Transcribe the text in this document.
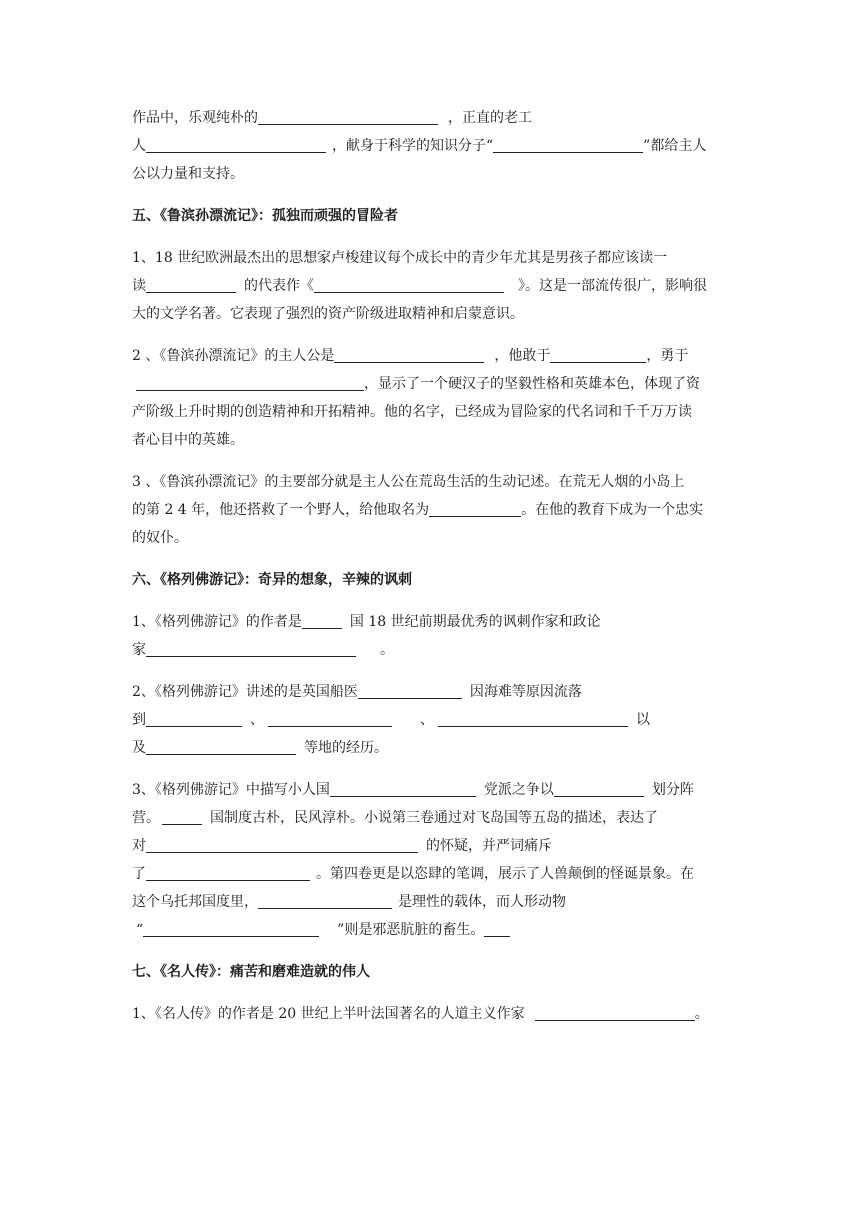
作品中，乐观纯朴的	，正直的老工
人	，献身于科学的知识分子“	”都给主人
公以力量和支持。
五、《鲁滨孙漂流记》：孤独而顽强的冒险者
1、18 世纪欧洲最杰出的思想家卢梭建议每个成长中的青少年尤其是男孩子都应该读一
读	的代表作《	》。这是一部流传很广，影响很
大的文学名著。它表现了强烈的资产阶级进取精神和启蒙意识。
2 、《鲁滨孙漂流记》的主人公是	，他敢于	，勇于
，显示了一个硬汉子的坚毅性格和英雄本色，体现了资
产阶级上升时期的创造精神和开拓精神。他的名字，已经成为冒险家的代名词和千千万万读
者心目中的英雄。
3 、《鲁滨孙漂流记》的主要部分就是主人公在荒岛生活的生动记述。在荒无人烟的小岛上
的第 2 4 年，他还搭救了一个野人，给他取名为	。在他的教育下成为一个忠实
的奴仆。
六、《格列佛游记》：奇异的想象，辛辣的讽刺
1、《格列佛游记》的作者是	国 18 世纪前期最优秀的讽刺作家和政论
家	。
2、《格列佛游记》讲述的是英国船医	因海难等原因流落
到	、	、	以
及	等地的经历。
3、《格列佛游记》中描写小人国	党派之争以	划分阵
营。	国制度古朴，民风淳朴。小说第三卷通过对飞岛国等五岛的描述，表达了
对	的怀疑，并严词痛斥
了	。第四卷更是以恣肆的笔调，展示了人兽颠倒的怪诞景象。在
这个乌托邦国度里，	是理性的载体，而人形动物
“	”则是邪恶肮脏的畜生。
七、《名人传》：痛苦和磨难造就的伟人
1、《名人传》的作者是 20 世纪上半叶法国著名的人道主义作家	。
